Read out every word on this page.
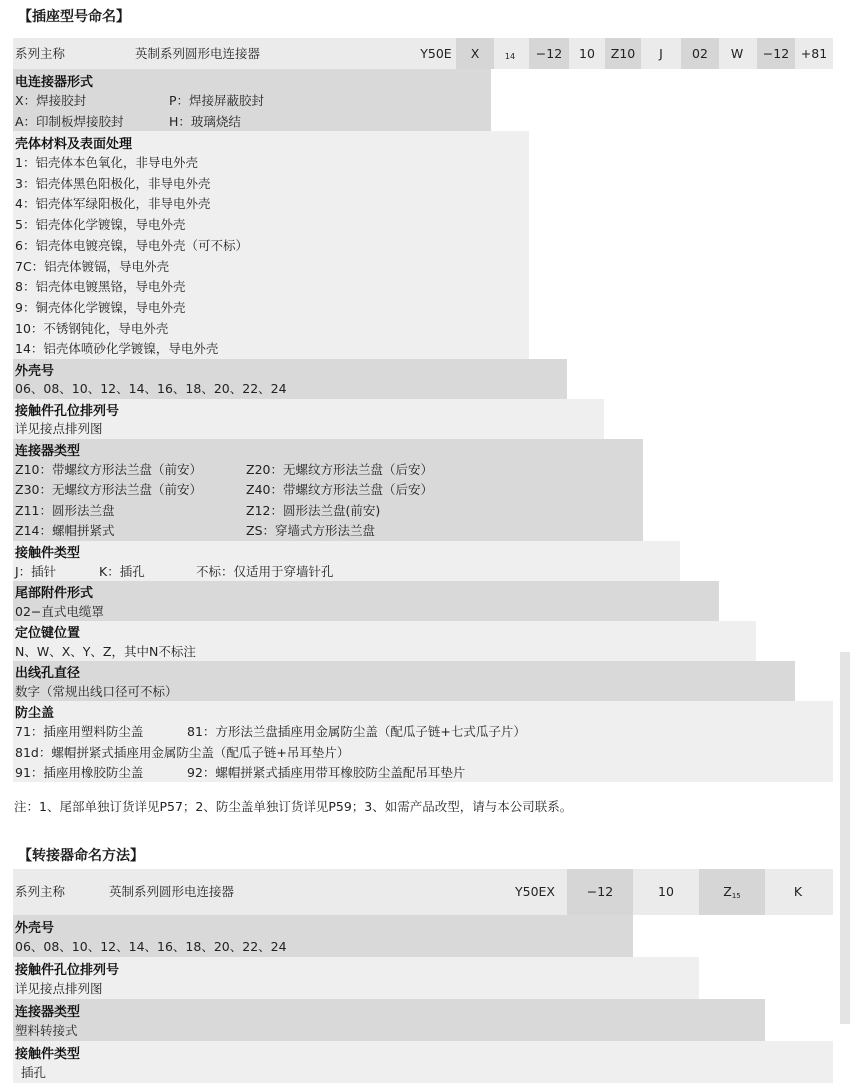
【插座型号命名】
系列主称	英制系列圆形电连接器	Y50E	X	14	−12	10	Z10	J	02	W	−12 +81
电连接器形式
X：焊接胶封	P：焊接屏蔽胶封
A：印制板焊接胶封	H：玻璃烧结
壳体材料及表面处理
1：铝壳体本色氧化，非导电外壳
3：铝壳体黑色阳极化，非导电外壳
4：铝壳体军绿阳极化，非导电外壳
5：铝壳体化学镀镍，导电外壳
6：铝壳体电镀亮镍，导电外壳（可不标）
7C：铝壳体镀镉，导电外壳
8：铝壳体电镀黑铬，导电外壳
9：铜壳体化学镀镍，导电外壳
10：不锈钢钝化，导电外壳
14：铝壳体喷砂化学镀镍，导电外壳
外壳号
06、08、10、12、14、16、18、20、22、24
接触件孔位排列号
详见接点排列图
连接器类型
Z10：带螺纹方形法兰盘（前安）	Z20：无螺纹方形法兰盘（后安）
Z30：无螺纹方形法兰盘（前安）	Z40：带螺纹方形法兰盘（后安）
Z11：圆形法兰盘	Z12：圆形法兰盘(前安)
Z14：螺帽拼紧式	ZS：穿墙式方形法兰盘
接触件类型
J：插针	K：插孔	不标：仅适用于穿墙针孔
尾部附件形式
02−直式电缆罩
定位键位置
N、W、X、Y、Z，其中N不标注
出线孔直径
数字（常规出线口径可不标）
防尘盖
71：插座用塑料防尘盖	81：方形法兰盘插座用金属防尘盖（配瓜子链+七式瓜子片）
81d：螺帽拼紧式插座用金属防尘盖（配瓜子链+吊耳垫片）
91：插座用橡胶防尘盖	92：螺帽拼紧式插座用带耳橡胶防尘盖配吊耳垫片
注：1、尾部单独订货详见P57；2、防尘盖单独订货详见P59；3、如需产品改型，请与本公司联系。
【转接器命名方法】
系列主称	英制系列圆形电连接器	Y50EX	−12	10	$Z_{15}$	K
外壳号
06、08、10、12、14、16、18、20、22、24
接触件孔位排列号
详见接点排列图
连接器类型
塑料转接式
接触件类型
插孔
